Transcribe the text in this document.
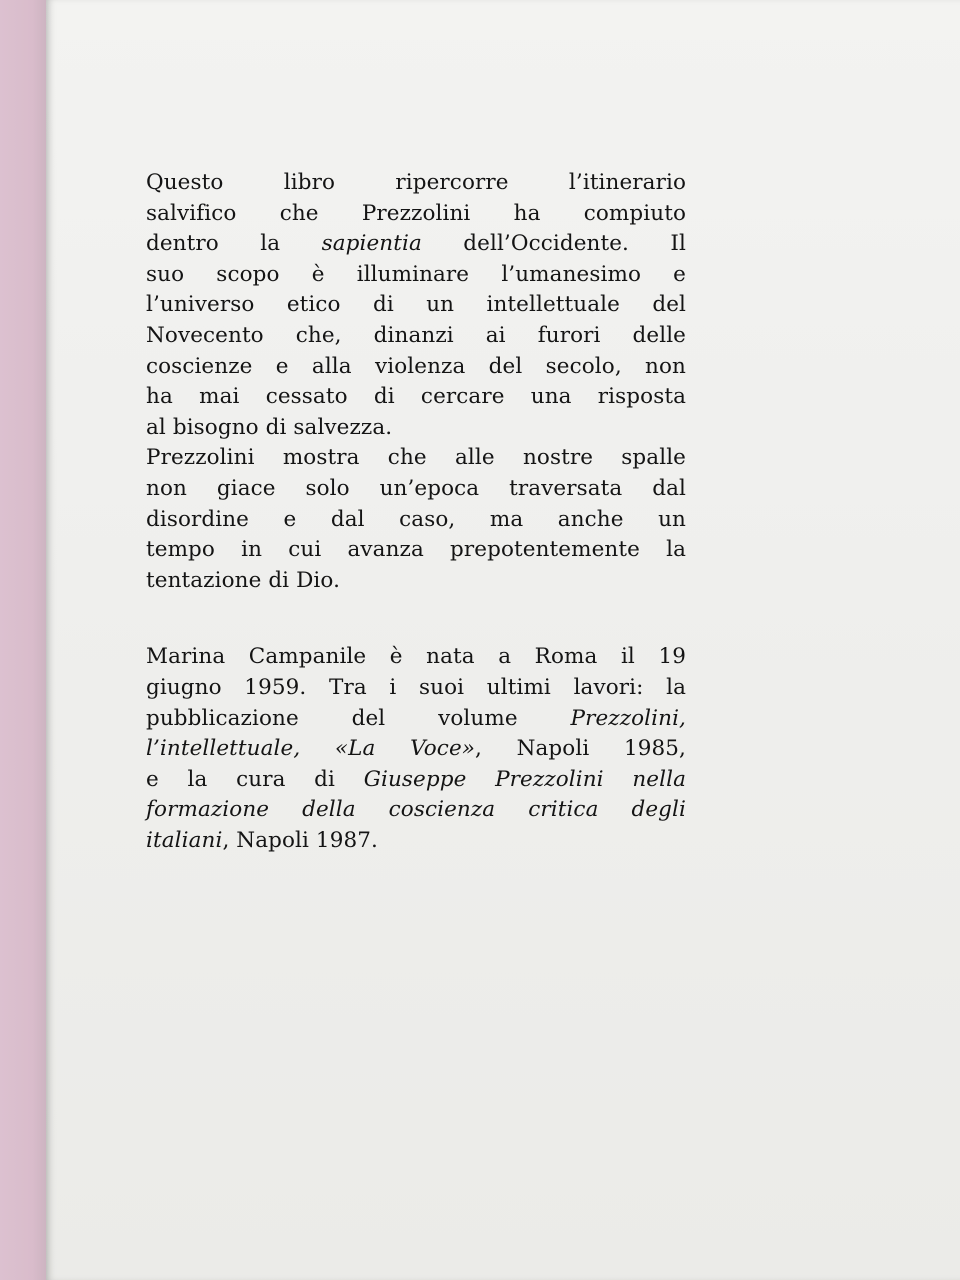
Questo libro ripercorre l’itinerario
salvifico che Prezzolini ha compiuto
dentro la sapientia dell’Occidente. Il
suo scopo è illuminare l’umanesimo e
l’universo etico di un intellettuale del
Novecento che, dinanzi ai furori delle
coscienze e alla violenza del secolo, non
ha mai cessato di cercare una risposta
al bisogno di salvezza.
Prezzolini mostra che alle nostre spalle
non giace solo un’epoca traversata dal
disordine e dal caso, ma anche un
tempo in cui avanza prepotentemente la
tentazione di Dio.
Marina Campanile è nata a Roma il 19
giugno 1959. Tra i suoi ultimi lavori: la
pubblicazione del volume Prezzolini,
l’intellettuale, «La Voce», Napoli 1985,
e la cura di Giuseppe Prezzolini nella
formazione della coscienza critica degli
italiani, Napoli 1987.
